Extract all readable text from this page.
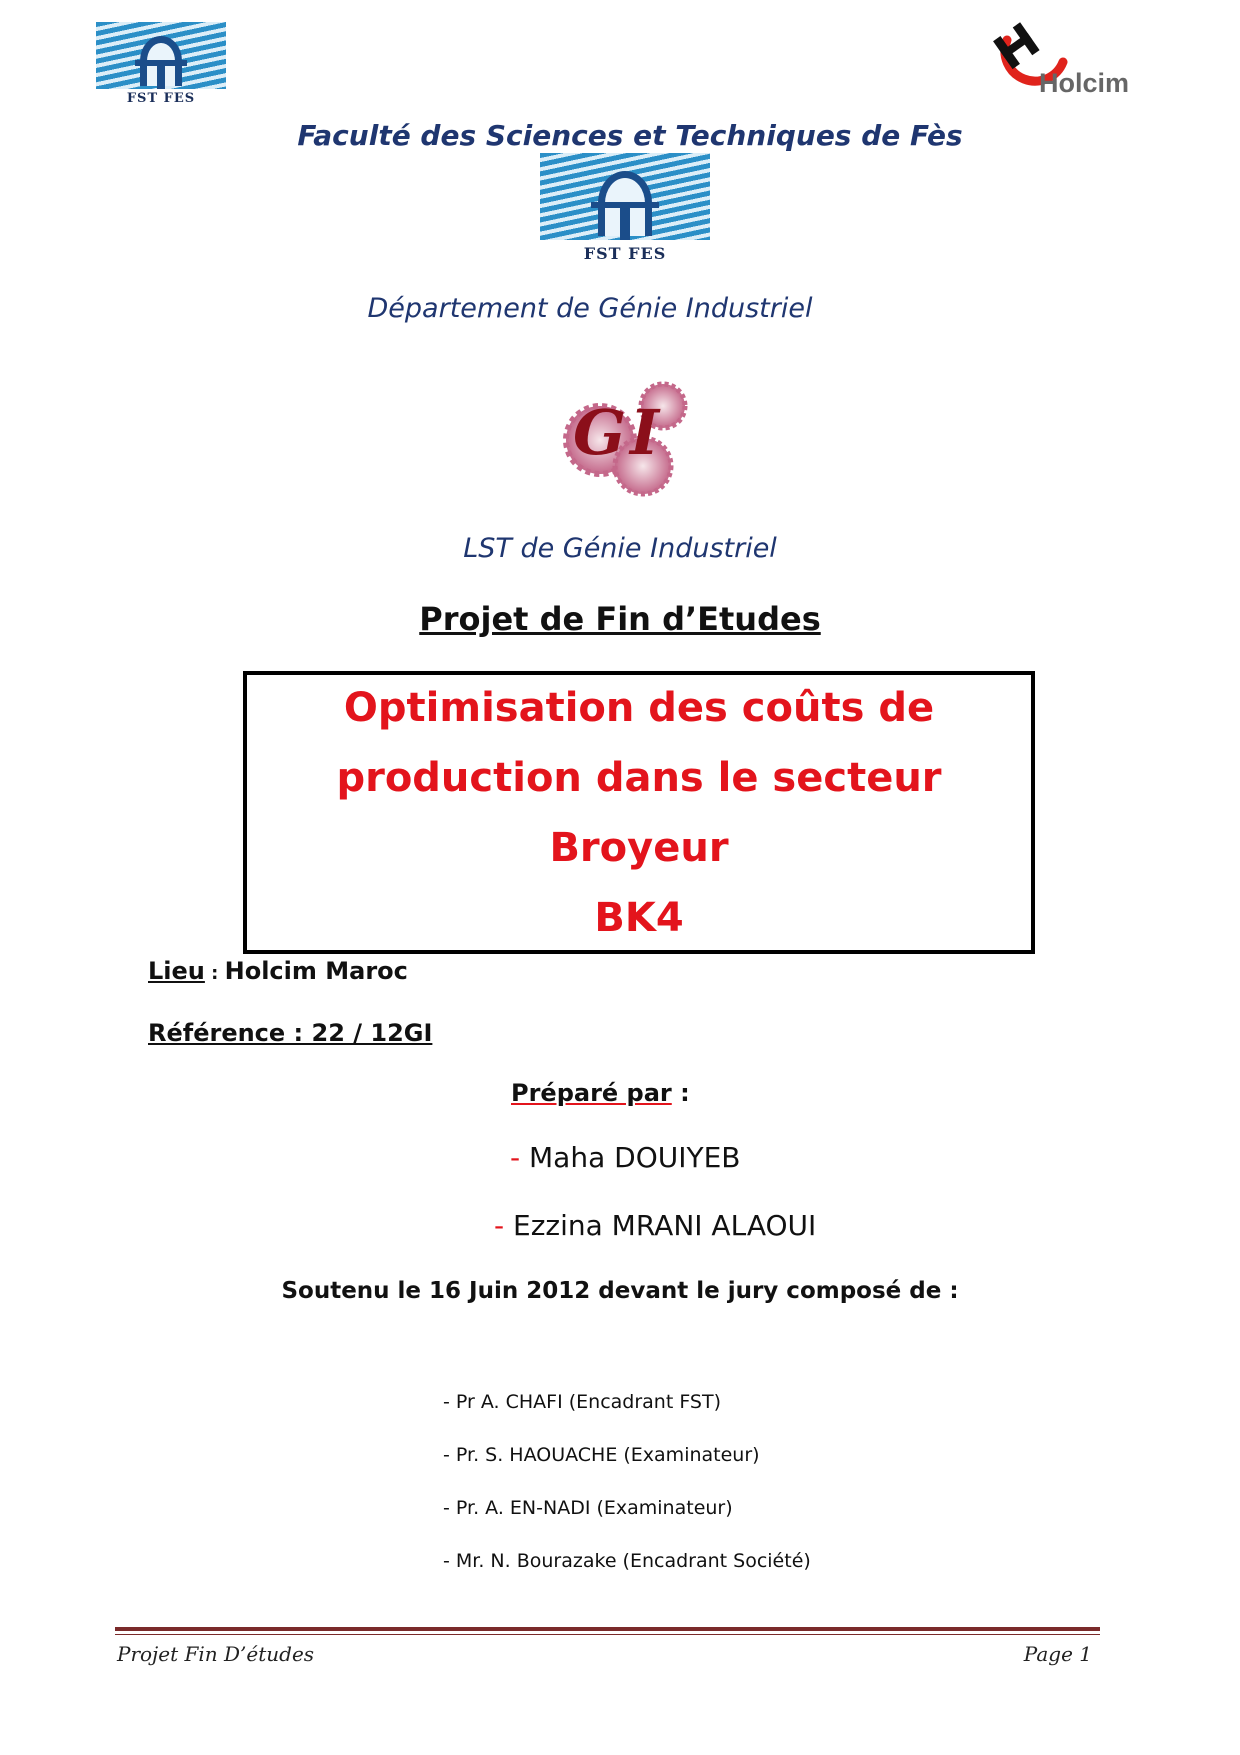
FST FES
Holcim
Faculté des Sciences et Techniques de Fès
FST FES
Département de Génie Industriel
GI
LST de Génie Industriel
Projet de Fin d’Etudes
Optimisation des coûts de
production dans le secteur Broyeur
BK4
Lieu : Holcim Maroc
Référence : 22 / 12GI
Préparé par :
- Maha DOUIYEB
- Ezzina MRANI ALAOUI
Soutenu le 16 Juin 2012 devant le jury composé de :
- Pr A. CHAFI (Encadrant FST)
- Pr. S. HAOUACHE (Examinateur)
- Pr. A. EN-NADI (Examinateur)
- Mr. N. Bourazake (Encadrant Société)
Projet Fin D’études	Page 1
